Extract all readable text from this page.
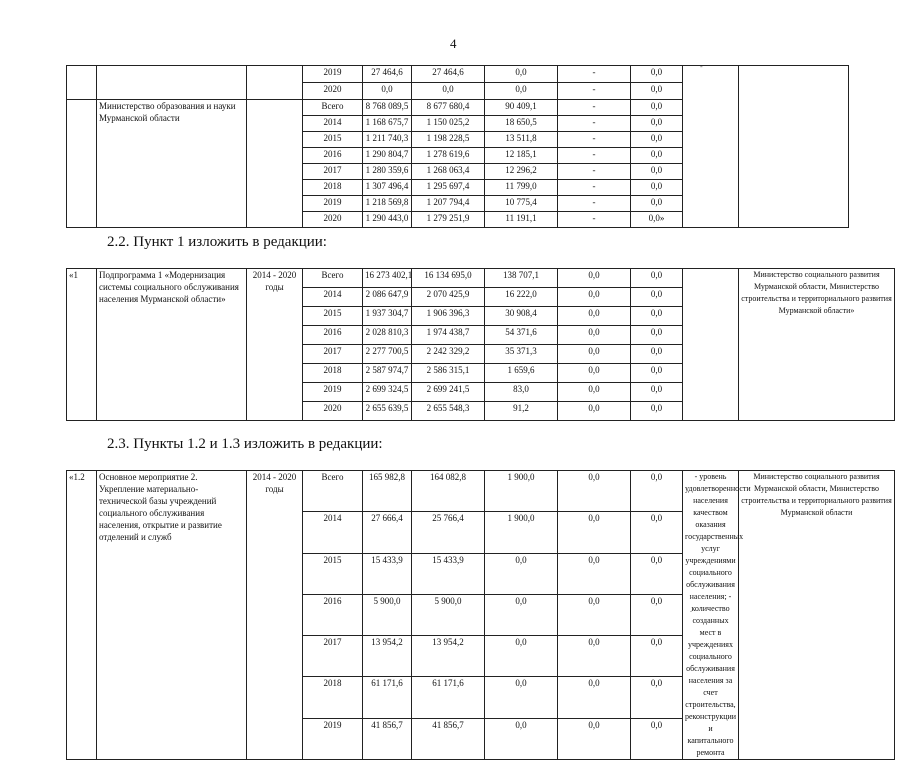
4
			2019	27 464,6	27 464,6	0,0	-	0,0		
			2020	0,0	0,0	0,0	-	0,0		
	Министерство образования и науки Мурманской области		Всего	8 768 089,5	8 677 680,4	90 409,1	-	0,0		
			2014	1 168 675,7	1 150 025,2	18 650,5	-	0,0		
			2015	1 211 740,3	1 198 228,5	13 511,8	-	0,0		
			2016	1 290 804,7	1 278 619,6	12 185,1	-	0,0		
			2017	1 280 359,6	1 268 063,4	12 296,2	-	0,0		
			2018	1 307 496,4	1 295 697,4	11 799,0	-	0,0		
			2019	1 218 569,8	1 207 794,4	10 775,4	-	0,0		
			2020	1 290 443,0	1 279 251,9	11 191,1	-	0,0»		
2.2. Пункт 1 изложить в редакции:
«1	Подпрограмма 1 «Модернизация системы социального обслуживания населения Мурманской области»	2014 - 2020 годы	Всего	16 273 402,1	16 134 695,0	138 707,1	0,0	0,0		Министерство социального развития Мурманской области, Министерство строительства и территориального развития Мурманской области»
			2014	2 086 647,9	2 070 425,9	16 222,0	0,0	0,0		
			2015	1 937 304,7	1 906 396,3	30 908,4	0,0	0,0		
			2016	2 028 810,3	1 974 438,7	54 371,6	0,0	0,0		
			2017	2 277 700,5	2 242 329,2	35 371,3	0,0	0,0		
			2018	2 587 974,7	2 586 315,1	1 659,6	0,0	0,0		
			2019	2 699 324,5	2 699 241,5	83,0	0,0	0,0		
			2020	2 655 639,5	2 655 548,3	91,2	0,0	0,0		
2.3. Пункты 1.2 и 1.3 изложить в редакции:
«1.2	Основное мероприятие 2. Укрепление материально-технической базы учреждений социального обслуживания населения, открытие и развитие отделений и служб	2014 - 2020 годы	Всего	165 982,8	164 082,8	1 900,0	0,0	0,0	- уровень удовлетворенности населения качеством оказания государственных услуг учреждениями социального обслуживания населения; - количество созданных мест в учреждениях социального обслуживания населения за счет строительства, реконструкции и капитального ремонта	Министерство социального развития Мурманской области, Министерство строительства и территориального развития Мурманской области
			2014	27 666,4	25 766,4	1 900,0	0,0	0,0		
			2015	15 433,9	15 433,9	0,0	0,0	0,0		
			2016	5 900,0	5 900,0	0,0	0,0	0,0		
			2017	13 954,2	13 954,2	0,0	0,0	0,0		
			2018	61 171,6	61 171,6	0,0	0,0	0,0		
			2019	41 856,7	41 856,7	0,0	0,0	0,0		
-
.
